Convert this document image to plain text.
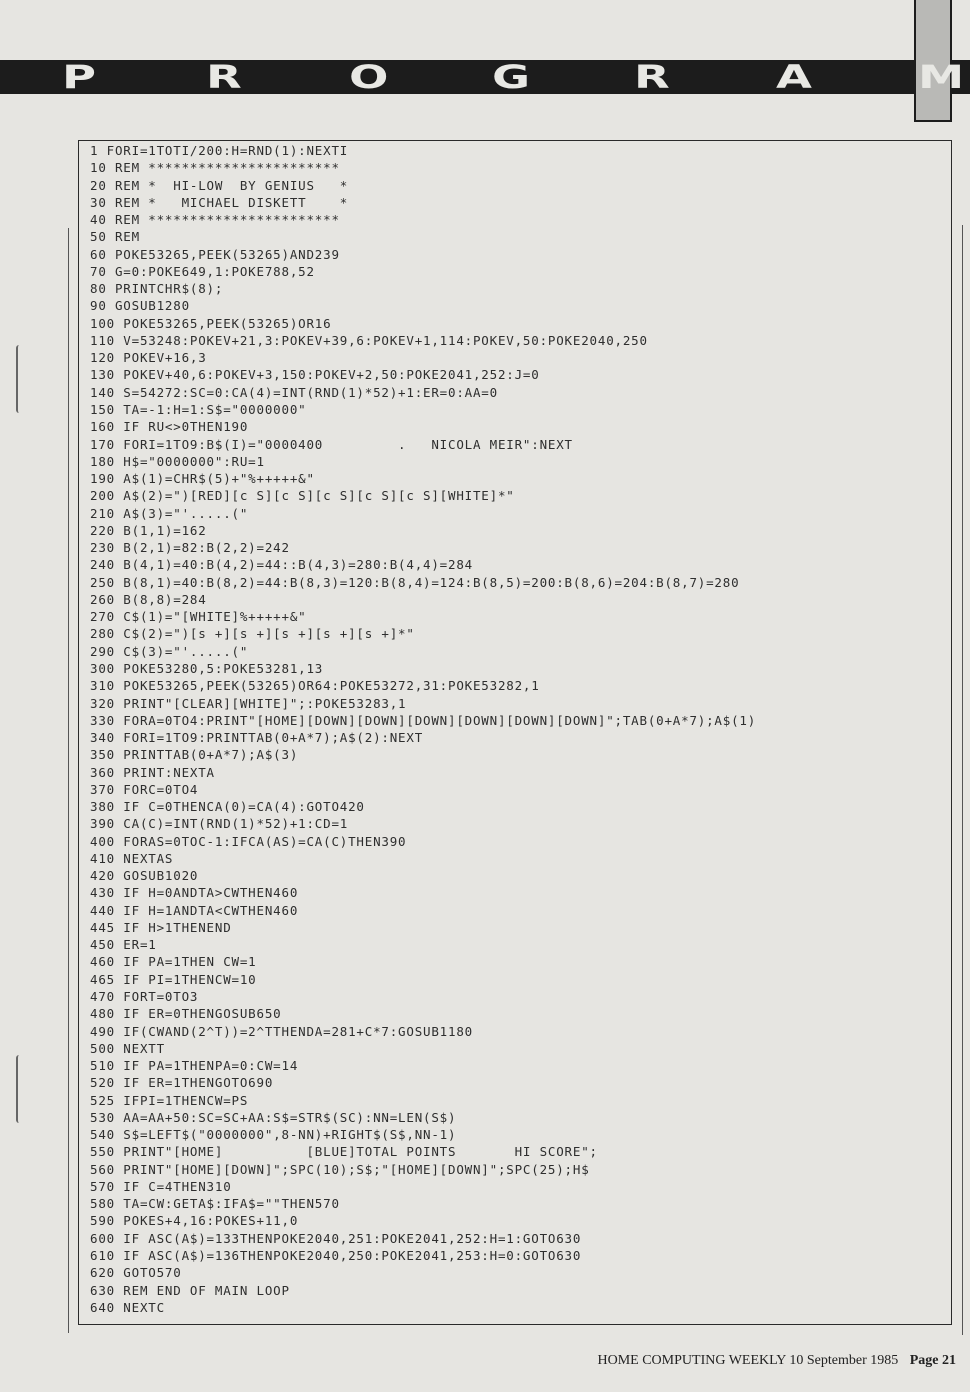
P	R	O	G	R	A	M
1 FORI=1TOTI/200:H=RND(1):NEXTI
10 REM ***********************
20 REM *  HI-LOW  BY GENIUS   *
30 REM *   MICHAEL DISKETT    *
40 REM ***********************
50 REM
60 POKE53265,PEEK(53265)AND239
70 G=0:POKE649,1:POKE788,52
80 PRINTCHR$(8);
90 GOSUB1280
100 POKE53265,PEEK(53265)OR16
110 V=53248:POKEV+21,3:POKEV+39,6:POKEV+1,114:POKEV,50:POKE2040,250
120 POKEV+16,3
130 POKEV+40,6:POKEV+3,150:POKEV+2,50:POKE2041,252:J=0
140 S=54272:SC=0:CA(4)=INT(RND(1)*52)+1:ER=0:AA=0
150 TA=-1:H=1:S$="0000000"
160 IF RU<>0THEN190
170 FORI=1TO9:B$(I)="0000400         .   NICOLA MEIR":NEXT
180 H$="0000000":RU=1
190 A$(1)=CHR$(5)+"%+++++&"
200 A$(2)=")[RED][c S][c S][c S][c S][c S][WHITE]*"
210 A$(3)="'.....("
220 B(1,1)=162
230 B(2,1)=82:B(2,2)=242
240 B(4,1)=40:B(4,2)=44::B(4,3)=280:B(4,4)=284
250 B(8,1)=40:B(8,2)=44:B(8,3)=120:B(8,4)=124:B(8,5)=200:B(8,6)=204:B(8,7)=280
260 B(8,8)=284
270 C$(1)="[WHITE]%+++++&"
280 C$(2)=")[s +][s +][s +][s +][s +]*"
290 C$(3)="'.....("
300 POKE53280,5:POKE53281,13
310 POKE53265,PEEK(53265)OR64:POKE53272,31:POKE53282,1
320 PRINT"[CLEAR][WHITE]";:POKE53283,1
330 FORA=0TO4:PRINT"[HOME][DOWN][DOWN][DOWN][DOWN][DOWN][DOWN]";TAB(0+A*7);A$(1)
340 FORI=1TO9:PRINTTAB(0+A*7);A$(2):NEXT
350 PRINTTAB(0+A*7);A$(3)
360 PRINT:NEXTA
370 FORC=0TO4
380 IF C=0THENCA(0)=CA(4):GOTO420
390 CA(C)=INT(RND(1)*52)+1:CD=1
400 FORAS=0TOC-1:IFCA(AS)=CA(C)THEN390
410 NEXTAS
420 GOSUB1020
430 IF H=0ANDTA>CWTHEN460
440 IF H=1ANDTA<CWTHEN460
445 IF H>1THENEND
450 ER=1
460 IF PA=1THEN CW=1
465 IF PI=1THENCW=10
470 FORT=0TO3
480 IF ER=0THENGOSUB650
490 IF(CWAND(2^T))=2^TTHENDA=281+C*7:GOSUB1180
500 NEXTT
510 IF PA=1THENPA=0:CW=14
520 IF ER=1THENGOTO690
525 IFPI=1THENCW=PS
530 AA=AA+50:SC=SC+AA:S$=STR$(SC):NN=LEN(S$)
540 S$=LEFT$("0000000",8-NN)+RIGHT$(S$,NN-1)
550 PRINT"[HOME]          [BLUE]TOTAL POINTS       HI SCORE";
560 PRINT"[HOME][DOWN]";SPC(10);S$;"[HOME][DOWN]";SPC(25);H$
570 IF C=4THEN310
580 TA=CW:GETA$:IFA$=""THEN570
590 POKES+4,16:POKES+11,0
600 IF ASC(A$)=133THENPOKE2040,251:POKE2041,252:H=1:GOTO630
610 IF ASC(A$)=136THENPOKE2040,250:POKE2041,253:H=0:GOTO630
620 GOTO570
630 REM END OF MAIN LOOP
640 NEXTC
HOME COMPUTING WEEKLY 10 September 1985 Page 21
